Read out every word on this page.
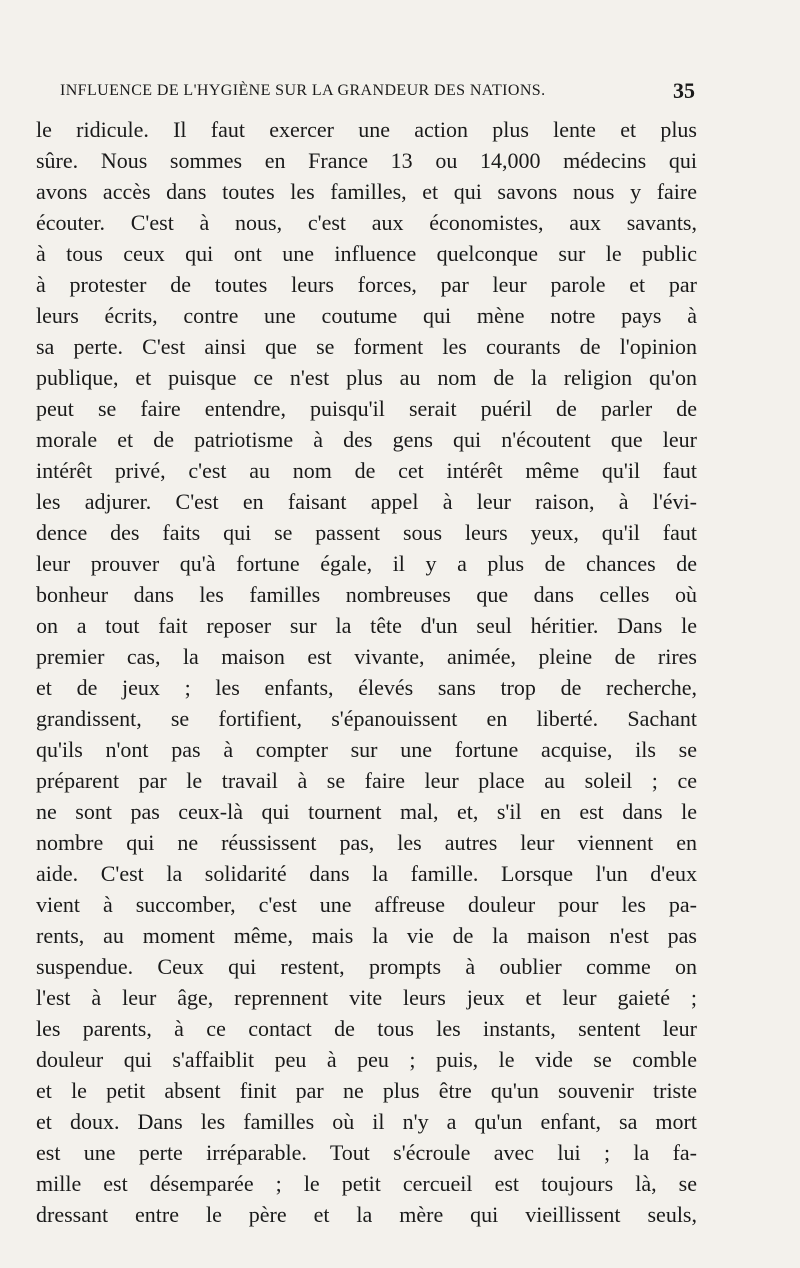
INFLUENCE DE L'HYGIÈNE SUR LA GRANDEUR DES NATIONS.	35
le ridicule. Il faut exercer une action plus lente et plus
sûre. Nous sommes en France 13 ou 14,000 médecins qui
avons accès dans toutes les familles, et qui savons nous y faire
écouter. C'est à nous, c'est aux économistes, aux savants,
à tous ceux qui ont une influence quelconque sur le public
à protester de toutes leurs forces, par leur parole et par
leurs écrits, contre une coutume qui mène notre pays à
sa perte. C'est ainsi que se forment les courants de l'opinion
publique, et puisque ce n'est plus au nom de la religion qu'on
peut se faire entendre, puisqu'il serait puéril de parler de
morale et de patriotisme à des gens qui n'écoutent que leur
intérêt privé, c'est au nom de cet intérêt même qu'il faut
les adjurer. C'est en faisant appel à leur raison, à l'évi-
dence des faits qui se passent sous leurs yeux, qu'il faut
leur prouver qu'à fortune égale, il y a plus de chances de
bonheur dans les familles nombreuses que dans celles où
on a tout fait reposer sur la tête d'un seul héritier. Dans le
premier cas, la maison est vivante, animée, pleine de rires
et de jeux ; les enfants, élevés sans trop de recherche,
grandissent, se fortifient, s'épanouissent en liberté. Sachant
qu'ils n'ont pas à compter sur une fortune acquise, ils se
préparent par le travail à se faire leur place au soleil ; ce
ne sont pas ceux-là qui tournent mal, et, s'il en est dans le
nombre qui ne réussissent pas, les autres leur viennent en
aide. C'est la solidarité dans la famille. Lorsque l'un d'eux
vient à succomber, c'est une affreuse douleur pour les pa-
rents, au moment même, mais la vie de la maison n'est pas
suspendue. Ceux qui restent, prompts à oublier comme on
l'est à leur âge, reprennent vite leurs jeux et leur gaieté ;
les parents, à ce contact de tous les instants, sentent leur
douleur qui s'affaiblit peu à peu ; puis, le vide se comble
et le petit absent finit par ne plus être qu'un souvenir triste
et doux. Dans les familles où il n'y a qu'un enfant, sa mort
est une perte irréparable. Tout s'écroule avec lui ; la fa-
mille est désemparée ; le petit cercueil est toujours là, se
dressant entre le père et la mère qui vieillissent seuls,
